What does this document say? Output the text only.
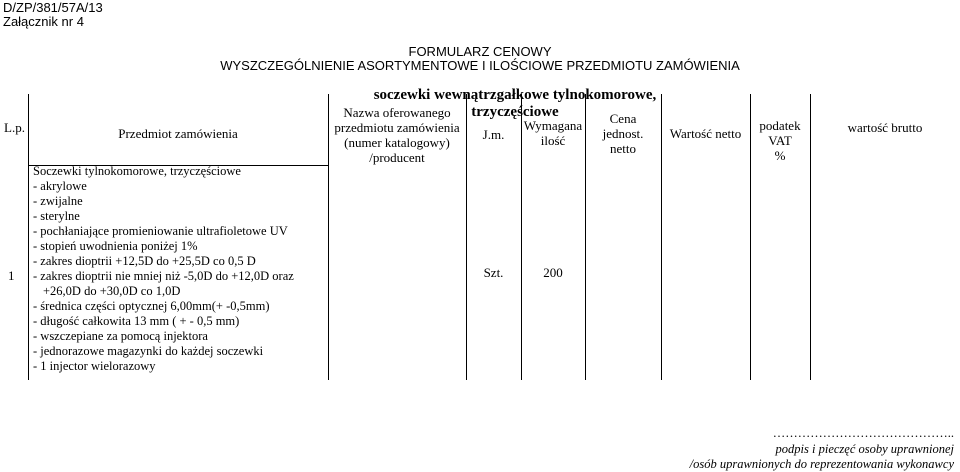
D/ZP/381/57A/13
Załącznik nr 4
FORMULARZ CENOWY
WYSZCZEGÓLNIENIE ASORTYMENTOWE I ILOŚCIOWE PRZEDMIOTU ZAMÓWIENIA
soczewki wewnątrzgałkowe tylnokomorowe, trzyczęściowe
L.p.	Przedmiot zamówienia
Nazwa oferowanego
przedmiotu zamówienia
(numer katalogowy)
/producent
J.m.
Wymagana
ilość
Cena
jednost.
netto
Wartość netto
podatek
VAT
%
wartość brutto
1
Soczewki tylnokomorowe, trzyczęściowe
- akrylowe
- zwijalne
- sterylne
- pochłaniające promieniowanie ultrafioletowe UV
- stopień uwodnienia poniżej 1%
- zakres dioptrii +12,5D do +25,5D co 0,5 D
- zakres dioptrii nie mniej niż -5,0D do +12,0D oraz
+26,0D do +30,0D co 1,0D
- średnica części optycznej 6,00mm(+ -0,5mm)
- długość całkowita 13 mm ( + - 0,5 mm)
- wszczepiane za pomocą injektora
- jednorazowe magazynki do każdej soczewki
- 1 injector wielorazowy
Szt.	200
……………………………………..
podpis i pieczęć osoby uprawnionej
/osób uprawnionych do reprezentowania wykonawcy
